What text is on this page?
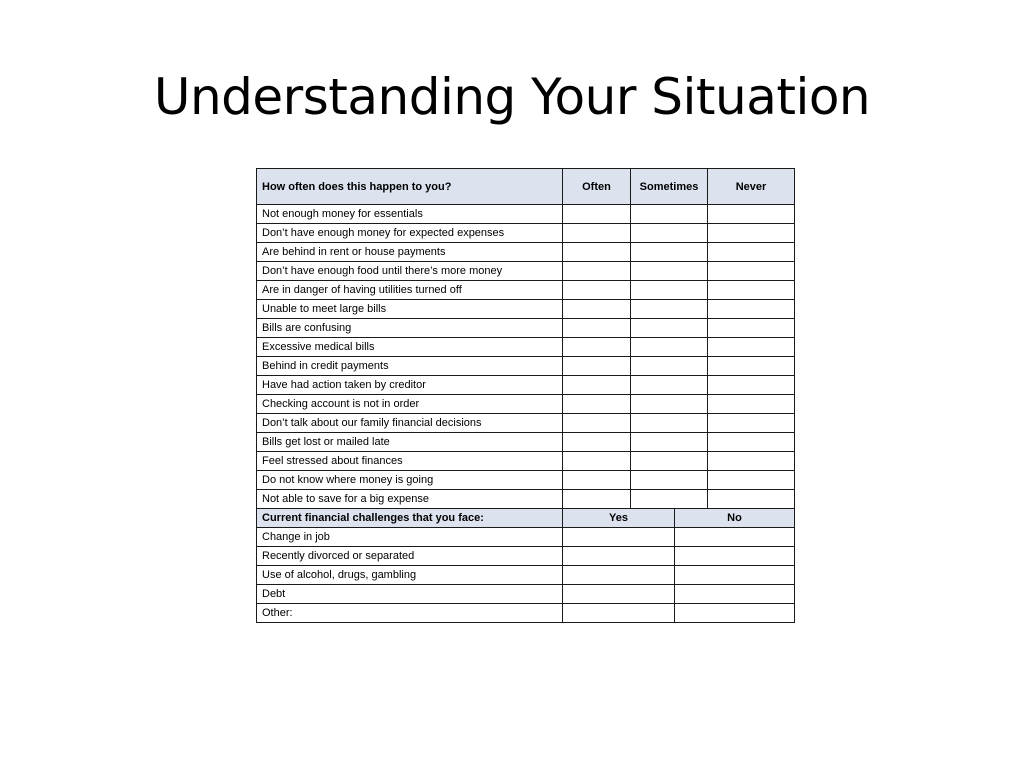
Understanding Your Situation
How often does this happen to you?	Often	Sometimes		Never
Not enough money for essentials				
Don’t have enough money for expected expenses				
Are behind in rent or house payments				
Don’t have enough food until there’s more money				
Are in danger of having utilities turned off				
Unable to meet large bills				
Bills are confusing				
Excessive medical bills				
Behind in credit payments				
Have had action taken by creditor				
Checking account is not in order				
Don’t talk about our family financial decisions				
Bills get lost or mailed late				
Feel stressed about finances				
Do not know where money is going				
Not able to save for a big expense				
Current financial challenges that you face:	Yes		No	
Change in job				
Recently divorced or separated				
Use of alcohol, drugs, gambling				
Debt				
Other:				
